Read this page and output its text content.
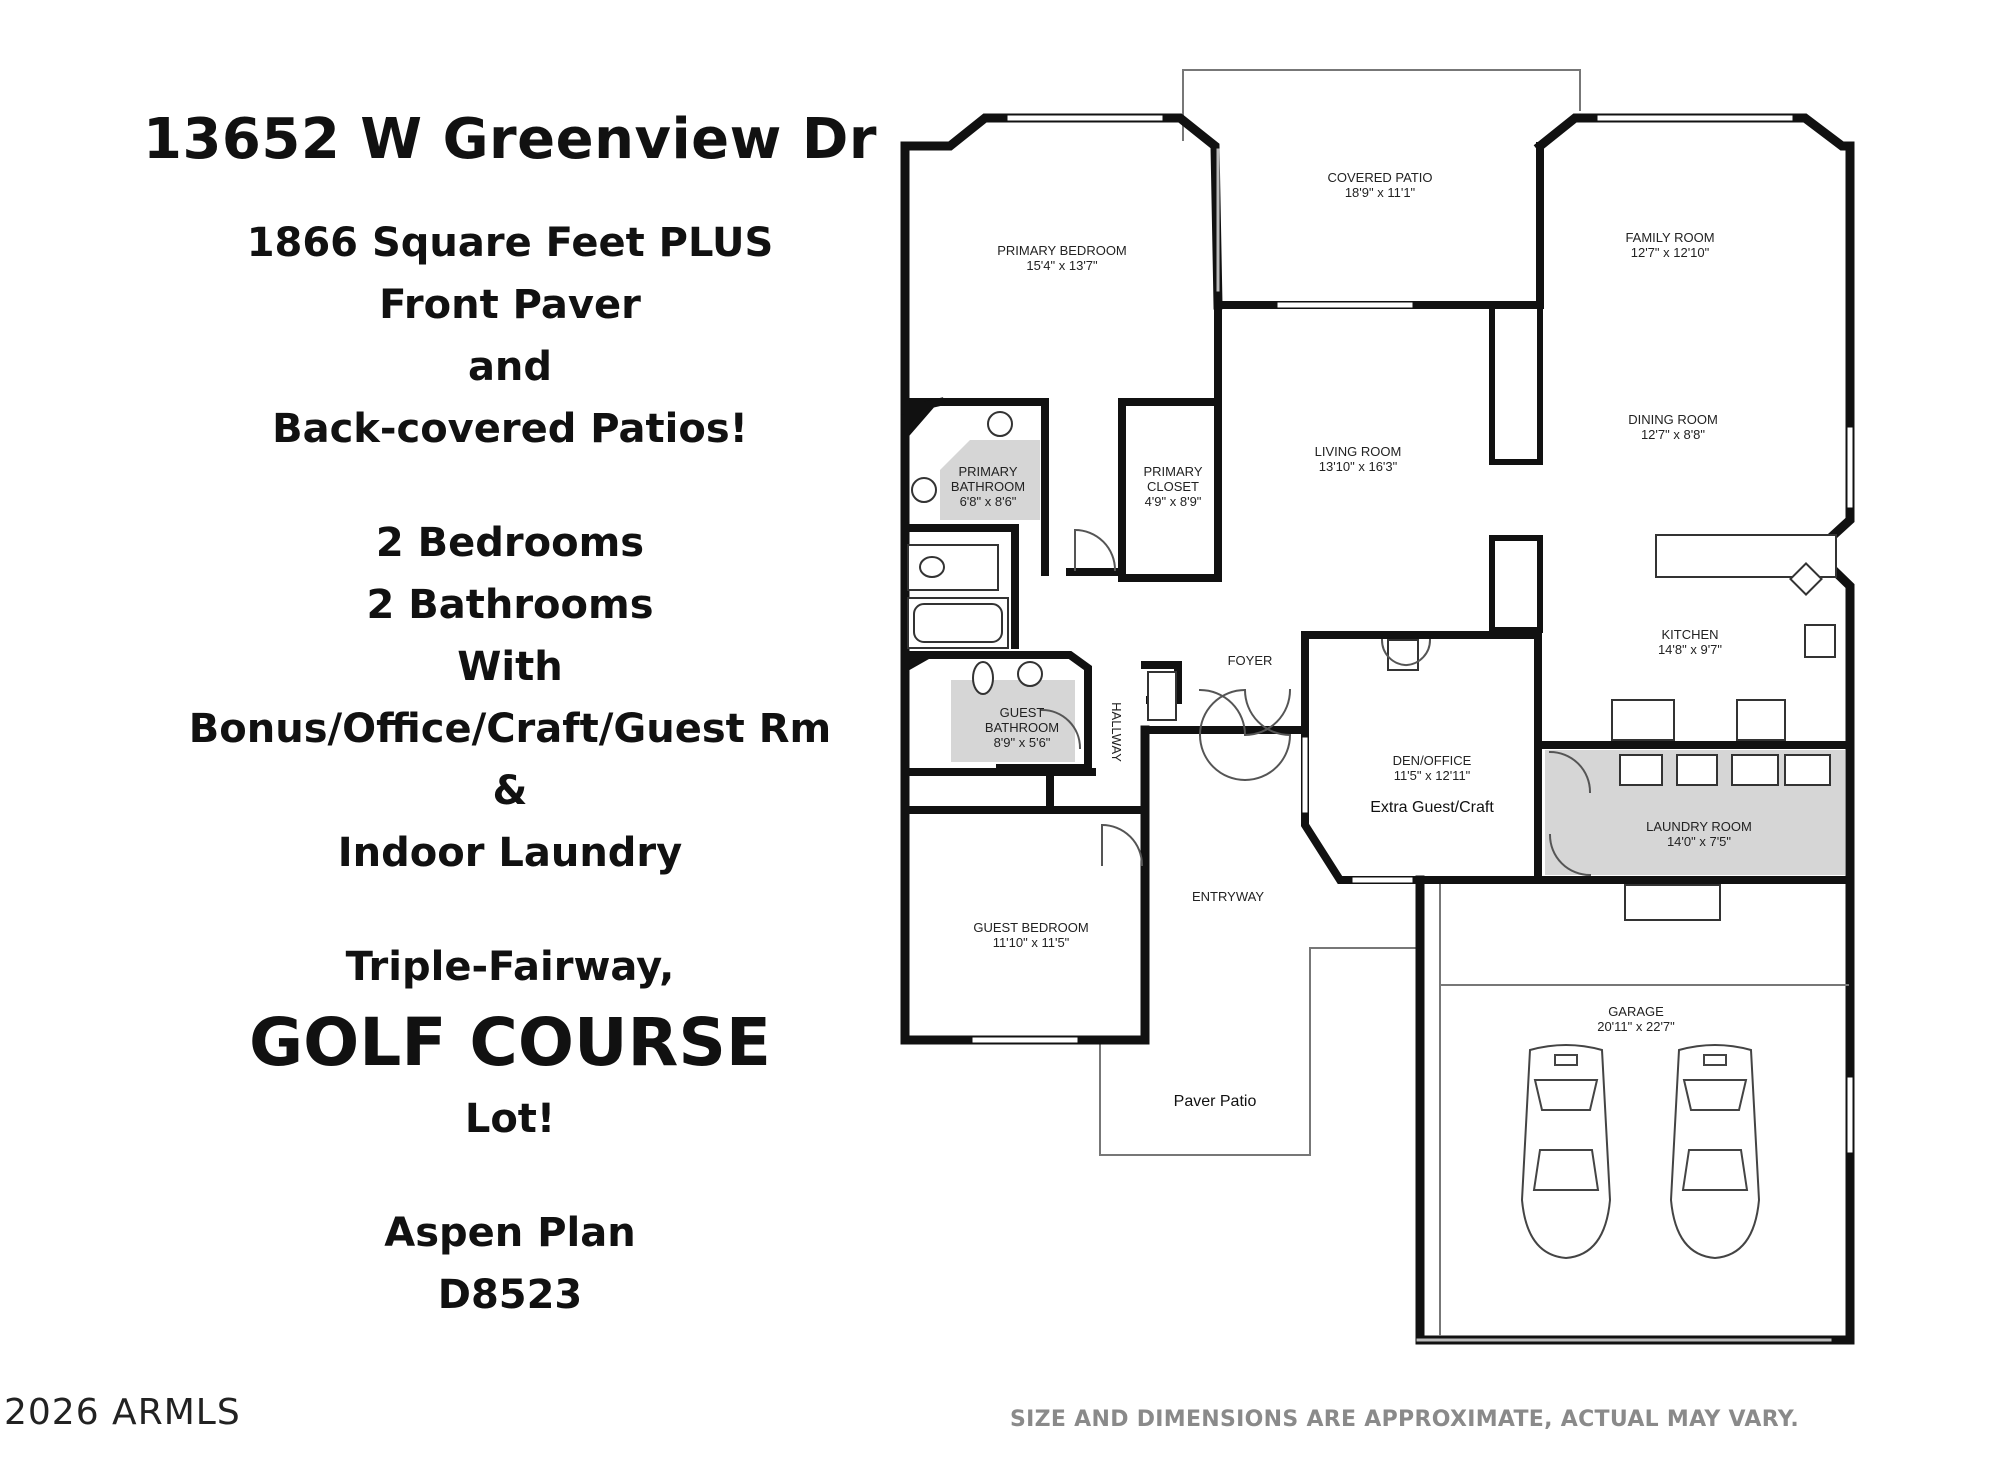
13652 W Greenview Dr

1866 Square Feet PLUS

Front Paver

and

Back-covered Patios!

2 Bedrooms

2 Bathrooms

With

Bonus/Office/Craft/Guest Rm

&

Indoor Laundry

Triple-Fairway,

GOLF COURSE

Lot!

Aspen Plan

D8523

2026 ARMLS	SIZE AND DIMENSIONS ARE APPROXIMATE, ACTUAL MAY VARY.
COVERED PATIO
18'9" x 11'1"
PRIMARY BEDROOM
15'4" x 13'7"
FAMILY ROOM
12'7" x 12'10"
DINING ROOM
12'7" x 8'8"
LIVING ROOM
13'10" x 16'3"
PRIMARY
BATHROOM
6'8" x 8'6"
PRIMARY
CLOSET
4'9" x 8'9"
KITCHEN
14'8" x 9'7"
FOYER
GUEST
BATHROOM
8'9" x 5'6"	HALLWAY	DEN/OFFICE
11'5" x 12'11"
Extra Guest/Craft
LAUNDRY ROOM
14'0" x 7'5"
ENTRYWAY
GUEST BEDROOM
11'10" x 11'5"
GARAGE
20'11" x 22'7"
Paver Patio
